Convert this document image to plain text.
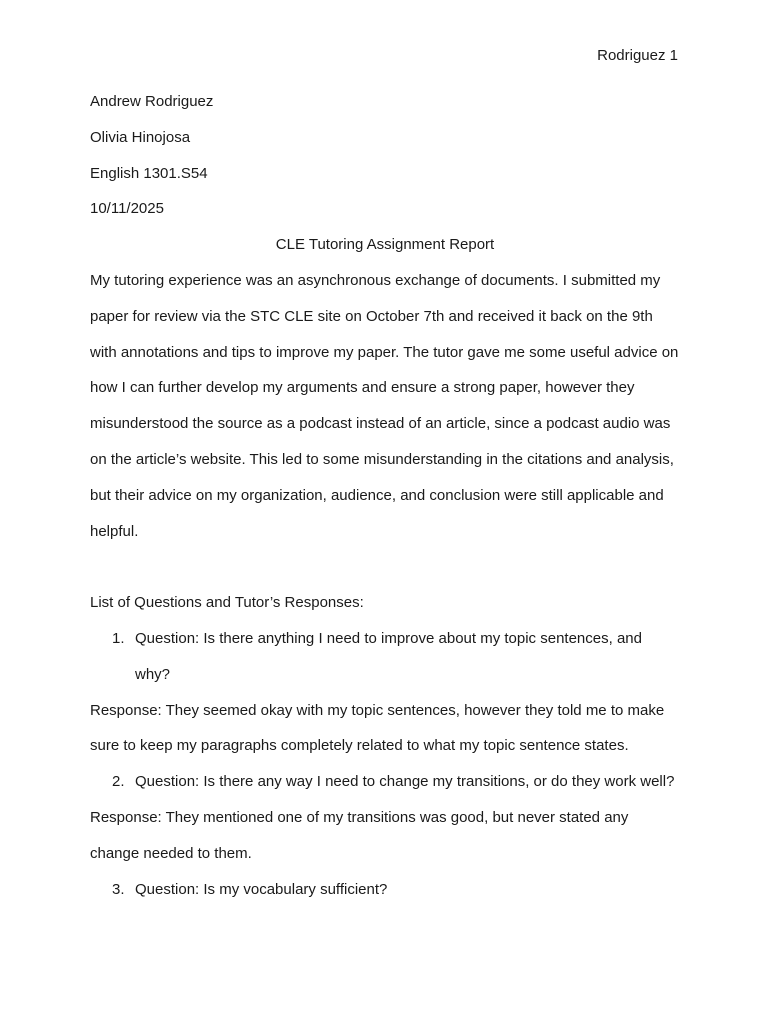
Rodriguez 1
Andrew Rodriguez
Olivia Hinojosa
English 1301.S54
10/11/2025
CLE Tutoring Assignment Report
My tutoring experience was an asynchronous exchange of documents. I submitted my paper for review via the STC CLE site on October 7th and received it back on the 9th with annotations and tips to improve my paper. The tutor gave me some useful advice on how I can further develop my arguments and ensure a strong paper, however they misunderstood the source as a podcast instead of an article, since a podcast audio was on the article’s website. This led to some misunderstanding in the citations and analysis, but their advice on my organization, audience, and conclusion were still applicable and helpful.
List of Questions and Tutor’s Responses:
1. Question: Is there anything I need to improve about my topic sentences, and why?
Response: They seemed okay with my topic sentences, however they told me to make sure to keep my paragraphs completely related to what my topic sentence states.
2. Question: Is there any way I need to change my transitions, or do they work well?
Response: They mentioned one of my transitions was good, but never stated any change needed to them.
3. Question: Is my vocabulary sufficient?
